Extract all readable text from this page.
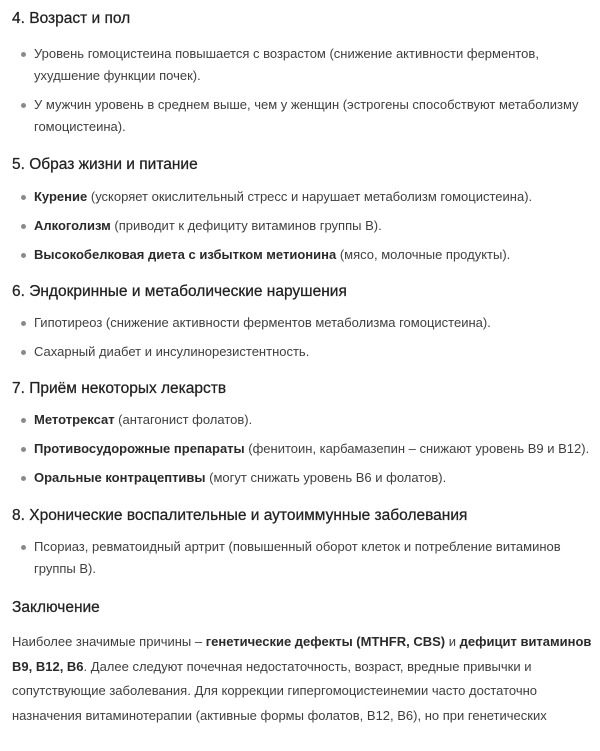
4. Возраст и пол
Уровень гомоцистеина повышается с возрастом (снижение активности ферментов, ухудшение функции почек).
У мужчин уровень в среднем выше, чем у женщин (эстрогены способствуют метаболизму гомоцистеина).
5. Образ жизни и питание
Курение (ускоряет окислительный стресс и нарушает метаболизм гомоцистеина).
Алкоголизм (приводит к дефициту витаминов группы B).
Высокобелковая диета с избытком метионина (мясо, молочные продукты).
6. Эндокринные и метаболические нарушения
Гипотиреоз (снижение активности ферментов метаболизма гомоцистеина).
Сахарный диабет и инсулинорезистентность.
7. Приём некоторых лекарств
Метотрексат (антагонист фолатов).
Противосудорожные препараты (фенитоин, карбамазепин – снижают уровень B9 и B12).
Оральные контрацептивы (могут снижать уровень B6 и фолатов).
8. Хронические воспалительные и аутоиммунные заболевания
Псориаз, ревматоидный артрит (повышенный оборот клеток и потребление витаминов группы B).
Заключение

Наиболее значимые причины – генетические дефекты (MTHFR, CBS) и дефицит витаминов B9, B12, B6. Далее следуют почечная недостаточность, возраст, вредные привычки и сопутствующие заболевания. Для коррекции гипергомоцистеинемии часто достаточно назначения витаминотерапии (активные формы фолатов, B12, B6), но при генетических
